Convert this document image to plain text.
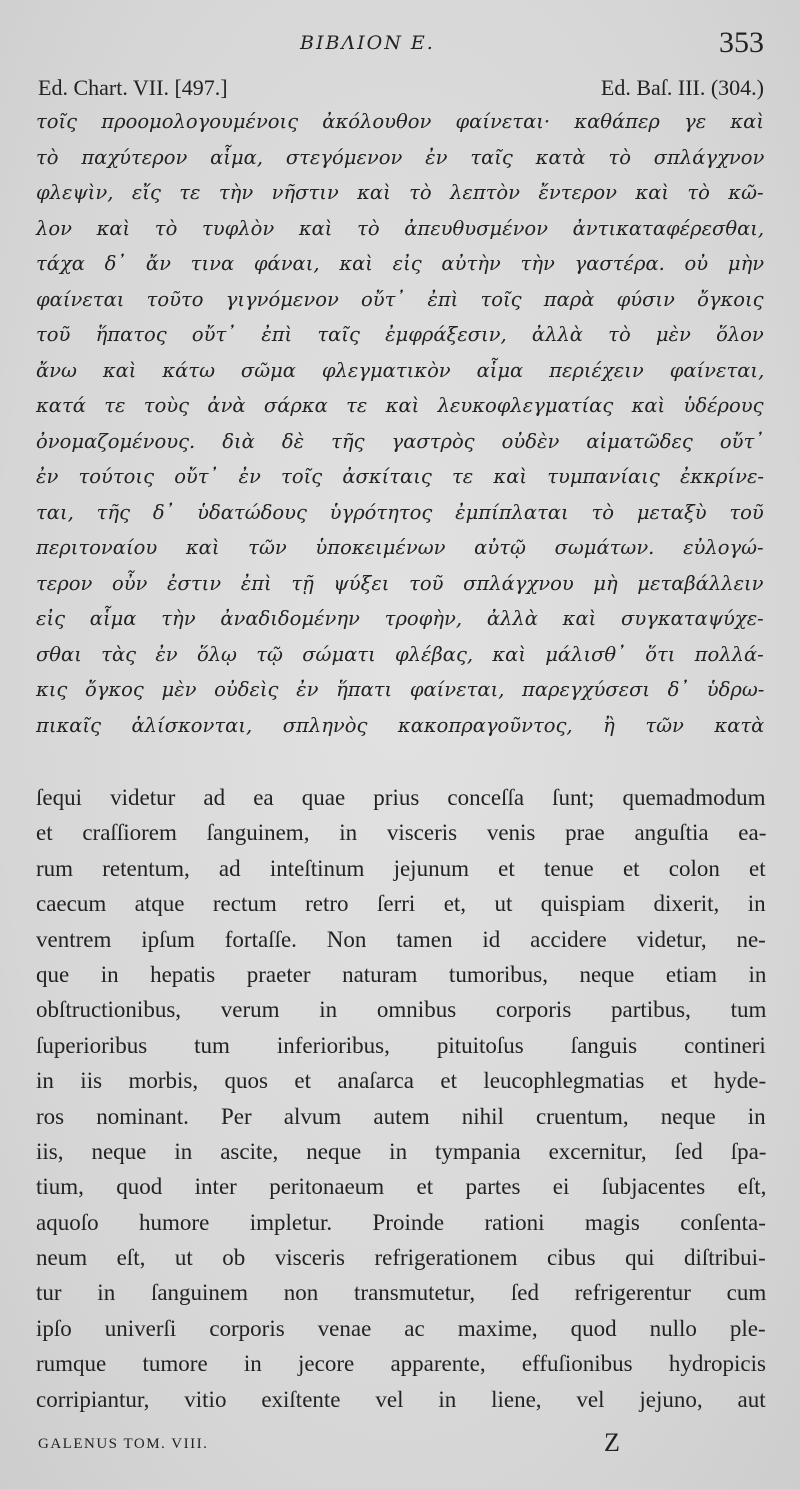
ΒΙΒΛΙΟΝ Ε.	353
Ed. Chart. VII. [497.]	Ed. Baſ. III. (304.)
τοῖς προομολογουμένοις ἀκόλουθον φαίνεται· καθάπερ γε καὶ
τὸ παχύτερον αἷμα, στεγόμενον ἐν ταῖς κατὰ τὸ σπλάγχνον
φλεψὶν, εἴς τε τὴν νῆστιν καὶ τὸ λεπτὸν ἔντερον καὶ τὸ κῶ-
λον καὶ τὸ τυφλὸν καὶ τὸ ἀπευθυσμένον ἀντικαταφέρεσθαι,
τάχα δ᾽ ἄν τινα φάναι, καὶ εἰς αὐτὴν τὴν γαστέρα. οὐ μὴν
φαίνεται τοῦτο γιγνόμενον οὔτ᾽ ἐπὶ τοῖς παρὰ φύσιν ὄγκοις
τοῦ ἥπατος οὔτ᾽ ἐπὶ ταῖς ἐμφράξεσιν, ἀλλὰ τὸ μὲν ὅλον
ἄνω καὶ κάτω σῶμα φλεγματικὸν αἷμα περιέχειν φαίνεται,
κατά τε τοὺς ἀνὰ σάρκα τε καὶ λευκοφλεγματίας καὶ ὑδέρους
ὀνομαζομένους. διὰ δὲ τῆς γαστρὸς οὐδὲν αἱματῶδες οὔτ᾽
ἐν τούτοις οὔτ᾽ ἐν τοῖς ἀσκίταις τε καὶ τυμπανίαις ἐκκρίνε-
ται, τῆς δ᾽ ὑδατώδους ὑγρότητος ἐμπίπλαται τὸ μεταξὺ τοῦ
περιτοναίου καὶ τῶν ὑποκειμένων αὐτῷ σωμάτων. εὐλογώ-
τερον οὖν ἐστιν ἐπὶ τῇ ψύξει τοῦ σπλάγχνου μὴ μεταβάλλειν
εἰς αἷμα τὴν ἀναδιδομένην τροφὴν, ἀλλὰ καὶ συγκαταψύχε-
σθαι τὰς ἐν ὅλῳ τῷ σώματι φλέβας, καὶ μάλισθ᾽ ὅτι πολλά-
κις ὄγκος μὲν οὐδεὶς ἐν ἥπατι φαίνεται, παρεγχύσεσι δ᾽ ὑδρω-
πικαῖς ἁλίσκονται, σπληνὸς κακοπραγοῦντος, ἢ τῶν κατὰ
ſequi videtur ad ea quae prius conceſſa ſunt; quemadmodum
et craſſiorem ſanguinem, in visceris venis prae anguſtia ea-
rum retentum, ad inteſtinum jejunum et tenue et colon et
caecum atque rectum retro ſerri et, ut quispiam dixerit, in
ventrem ipſum fortaſſe. Non tamen id accidere videtur, ne-
que in hepatis praeter naturam tumoribus, neque etiam in
obſtructionibus, verum in omnibus corporis partibus, tum
ſuperioribus tum inferioribus, pituitoſus ſanguis contineri
in iis morbis, quos et anaſarca et leucophlegmatias et hyde-
ros nominant. Per alvum autem nihil cruentum, neque in
iis, neque in ascite, neque in tympania excernitur, ſed ſpa-
tium, quod inter peritonaeum et partes ei ſubjacentes eſt,
aquoſo humore impletur. Proinde rationi magis conſenta-
neum eſt, ut ob visceris refrigerationem cibus qui diſtribui-
tur in ſanguinem non transmutetur, ſed refrigerentur cum
ipſo univerſi corporis venae ac maxime, quod nullo ple-
rumque tumore in jecore apparente, effuſionibus hydropicis
corripiantur, vitio exiſtente vel in liene, vel jejuno, aut
GALENUS TOM. VIII.	Z
